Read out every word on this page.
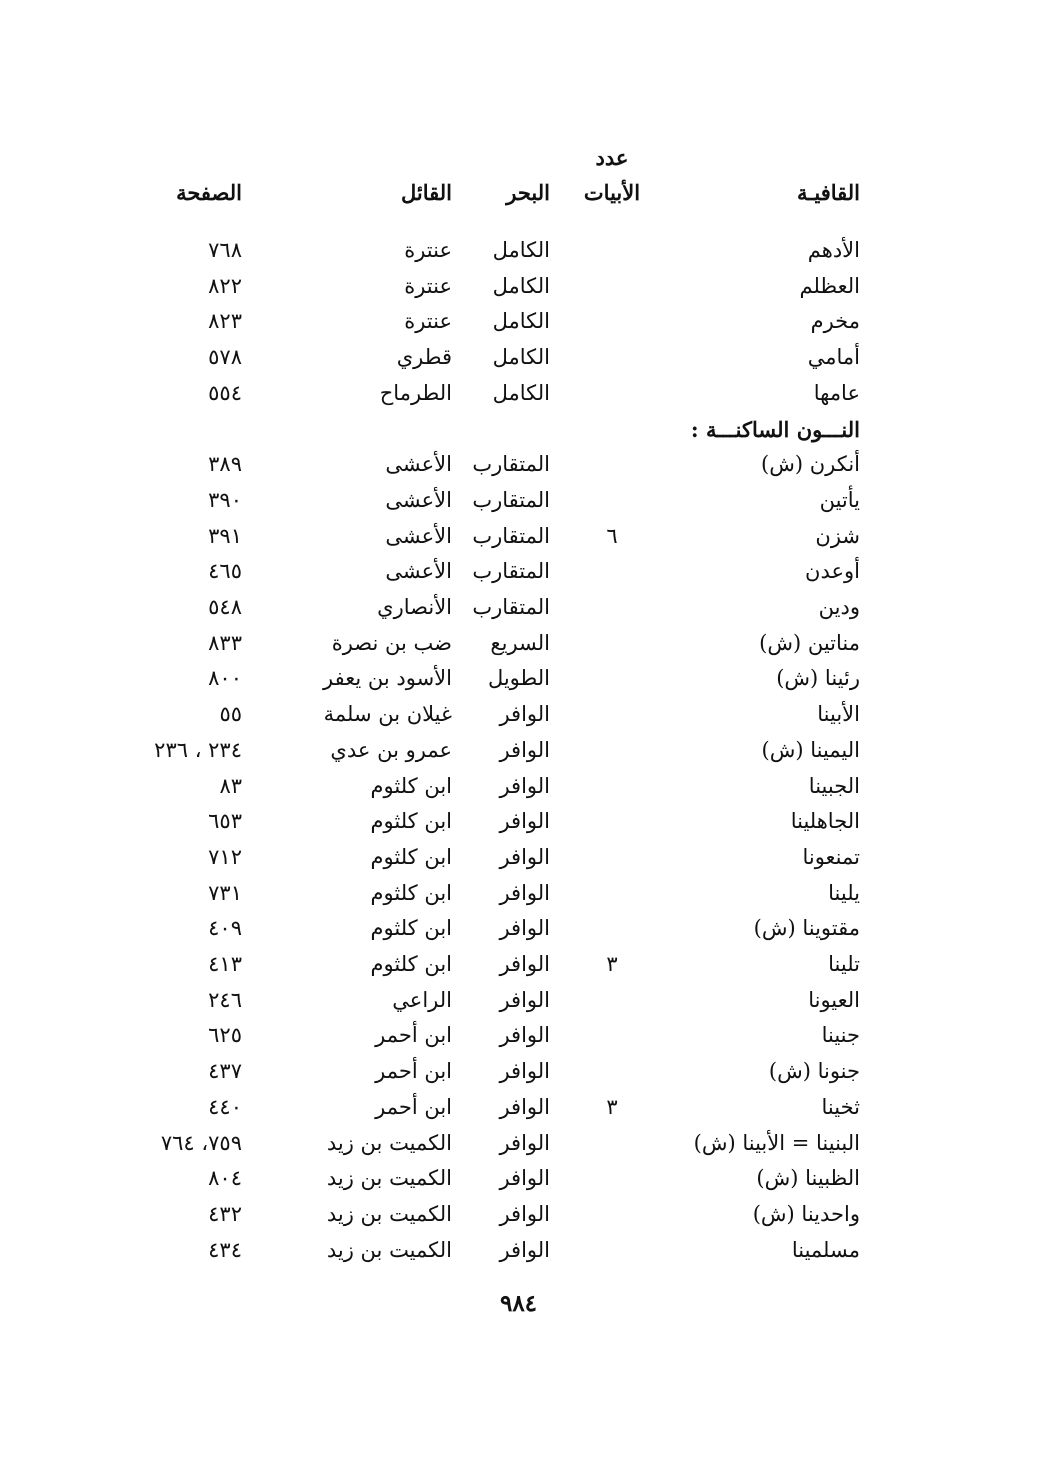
عدد
القافيـة
الأبيات
البحر
القائل
الصفحة
الأدهم
الكامل
عنترة
٧٦٨
العظلم
الكامل
عنترة
٨٢٢
مخرم
الكامل
عنترة
٨٢٣
أمامي
الكامل
قطري
٥٧٨
عامها
الكامل
الطرماح
٥٥٤
النـــون الساكنـــة :
أنكرن (ش)
المتقارب
الأعشى
٣٨٩
يأتين
المتقارب
الأعشى
٣٩٠
شزن
٦
المتقارب
الأعشى
٣٩١
أوعدن
المتقارب
الأعشى
٤٦٥
ودين
المتقارب
الأنصاري
٥٤٨
مناتين (ش)
السريع
ضب بن نصرة
٨٣٣
رئينا (ش)
الطويل
الأسود بن يعفر
٨٠٠
الأبينا
الوافر
غيلان بن سلمة
٥٥
اليمينا (ش)
الوافر
عمرو بن عدي
٢٣٤ ، ٢٣٦
الجبينا
الوافر
ابن كلثوم
٨٣
الجاهلينا
الوافر
ابن كلثوم
٦٥٣
تمنعونا
الوافر
ابن كلثوم
٧١٢
يلينا
الوافر
ابن كلثوم
٧٣١
مقتوينا (ش)
الوافر
ابن كلثوم
٤٠٩
تلينا
٣
الوافر
ابن كلثوم
٤١٣
العيونا
الوافر
الراعي
٢٤٦
جنينا
الوافر
ابن أحمر
٦٢٥
جنونا (ش)
الوافر
ابن أحمر
٤٣٧
ثخينا
٣
الوافر
ابن أحمر
٤٤٠
البنينا = الأبينا (ش)
الوافر
الكميت بن زيد
٧٥٩، ٧٦٤
الظبينا (ش)
الوافر
الكميت بن زيد
٨٠٤
واحدينا (ش)
الوافر
الكميت بن زيد
٤٣٢
مسلمينا
الوافر
الكميت بن زيد
٤٣٤
٩٨٤
